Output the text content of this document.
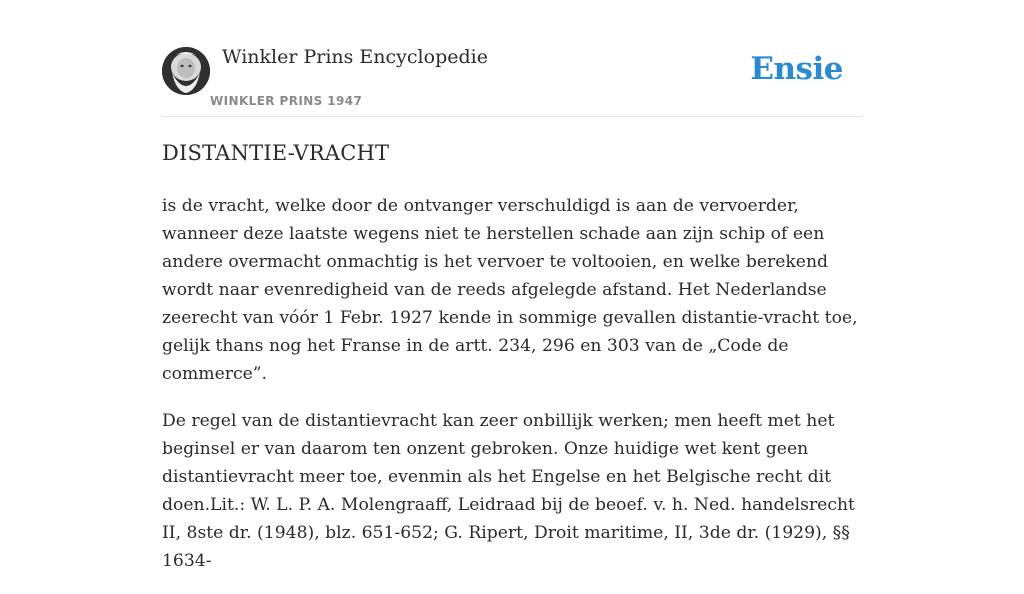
Winkler Prins Encyclopedie
WINKLER PRINS 1947
Ensie
DISTANTIE-VRACHT

is de vracht, welke door de ontvanger verschuldigd is aan de vervoerder, wanneer deze laatste wegens niet te herstellen schade aan zijn schip of een andere overmacht onmachtig is het vervoer te voltooien, en welke berekend wordt naar evenredigheid van de reeds afgelegde afstand. Het Nederlandse zeerecht van vóór 1 Febr. 1927 kende in sommige gevallen distantie-vracht toe, gelijk thans nog het Franse in de artt. 234, 296 en 303 van de „Code de commerce”.

De regel van de distantievracht kan zeer onbillijk werken; men heeft met het beginsel er van daarom ten onzent gebroken. Onze huidige wet kent geen distantievracht meer toe, evenmin als het Engelse en het Belgische recht dit doen.Lit.: W. L. P. A. Molengraaff, Leidraad bij de beoef. v. h. Ned. handelsrecht II, 8ste dr. (1948), blz. 651-652; G. Ripert, Droit maritime, II, 3de dr. (1929), §§ 1634-
